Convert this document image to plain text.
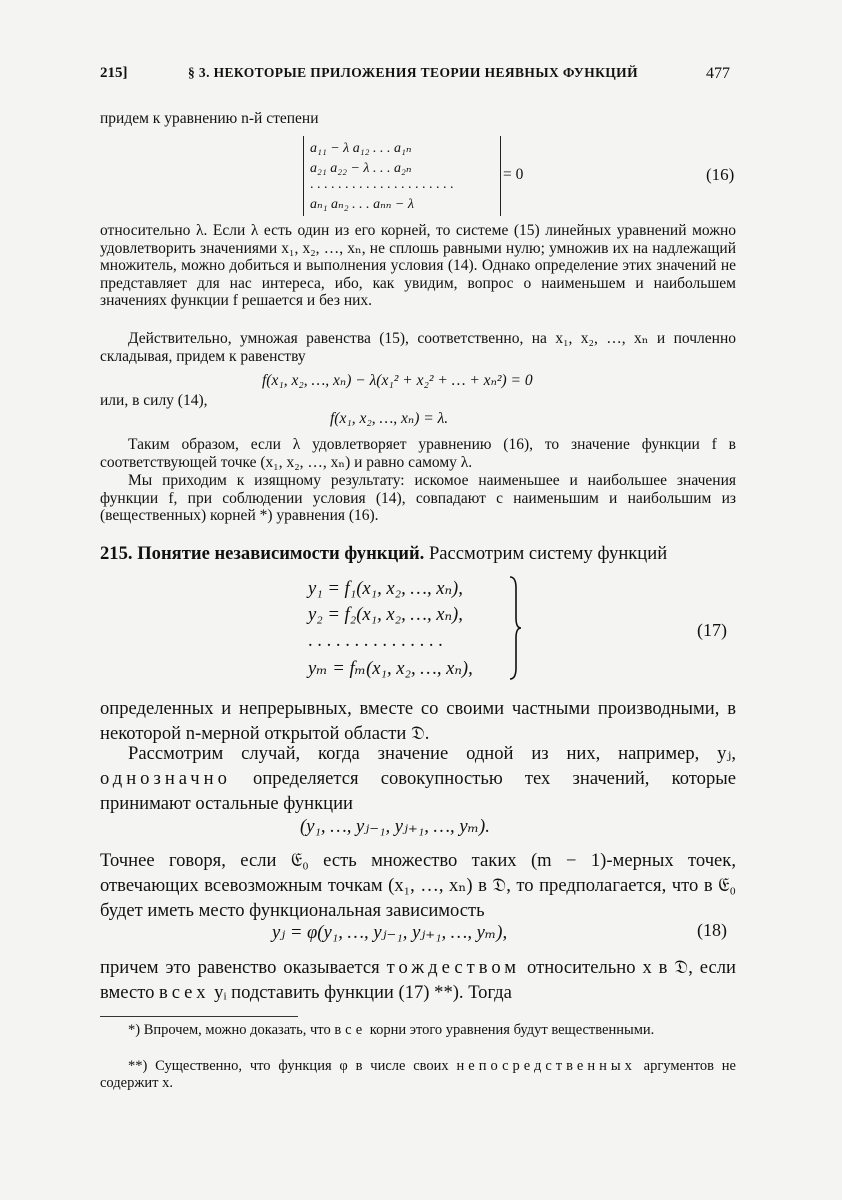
215]	§ 3. НЕКОТОРЫЕ ПРИЛОЖЕНИЯ ТЕОРИИ НЕЯВНЫХ ФУНКЦИЙ	477
придем к уравнению n-й степени
a₁₁ − λ a₁₂ . . . a₁ₙ
a₂₁ a₂₂ − λ . . . a₂ₙ
. . . . . . . . . . . . . . . . . . . . .
aₙ₁ aₙ₂ . . . aₙₙ − λ
= 0	(16)
относительно λ. Если λ есть один из его корней, то системе (15) линейных уравнений можно удовлетворить значениями x₁, x₂, …, xₙ, не сплошь равными нулю; умножив их на надлежащий множитель, можно добиться и выполнения условия (14). Однако определение этих значений не представляет для нас интереса, ибо, как увидим, вопрос о наименьшем и наибольшем значениях функции f решается и без них.
Действительно, умножая равенства (15), соответственно, на x₁, x₂, …, xₙ и почленно складывая, придем к равенству
f(x₁, x₂, …, xₙ) − λ(x₁² + x₂² + … + xₙ²) = 0
или, в силу (14),
f(x₁, x₂, …, xₙ) = λ.
Таким образом, если λ удовлетворяет уравнению (16), то значение функции f в соответствующей точке (x₁, x₂, …, xₙ) и равно самому λ.
Мы приходим к изящному результату: искомое наименьшее и наибольшее значения функции f, при соблюдении условия (14), совпадают с наименьшим и наибольшим из (вещественных) корней *) уравнения (16).
215. Понятие независимости функций. Рассмотрим систему функций
y₁ = f₁(x₁, x₂, …, xₙ),
y₂ = f₂(x₁, x₂, …, xₙ),
. . . . . . . . . . . . . . .
yₘ = fₘ(x₁, x₂, …, xₙ),
(17)
определенных и непрерывных, вместе со своими частными производными, в некоторой n-мерной открытой области 𝔇.
Рассмотрим случай, когда значение одной из них, например, yⱼ, однозначно определяется совокупностью тех значений, которые принимают остальные функции
(y₁, …, yⱼ₋₁, yⱼ₊₁, …, yₘ).
Точнее говоря, если 𝔈₀ есть множество таких (m − 1)-мерных точек, отвечающих всевозможным точкам (x₁, …, xₙ) в 𝔇, то предполагается, что в 𝔈₀ будет иметь место функциональная зависимость
yⱼ = φ(y₁, …, yⱼ₋₁, yⱼ₊₁, …, yₘ),	(18)
причем это равенство оказывается тождеством относительно x в 𝔇, если вместо всех yᵢ подставить функции (17) **). Тогда
*) Впрочем, можно доказать, что все корни этого уравнения будут вещественными.
**) Существенно, что функция φ в числе своих непосредственных аргументов не содержит x.
